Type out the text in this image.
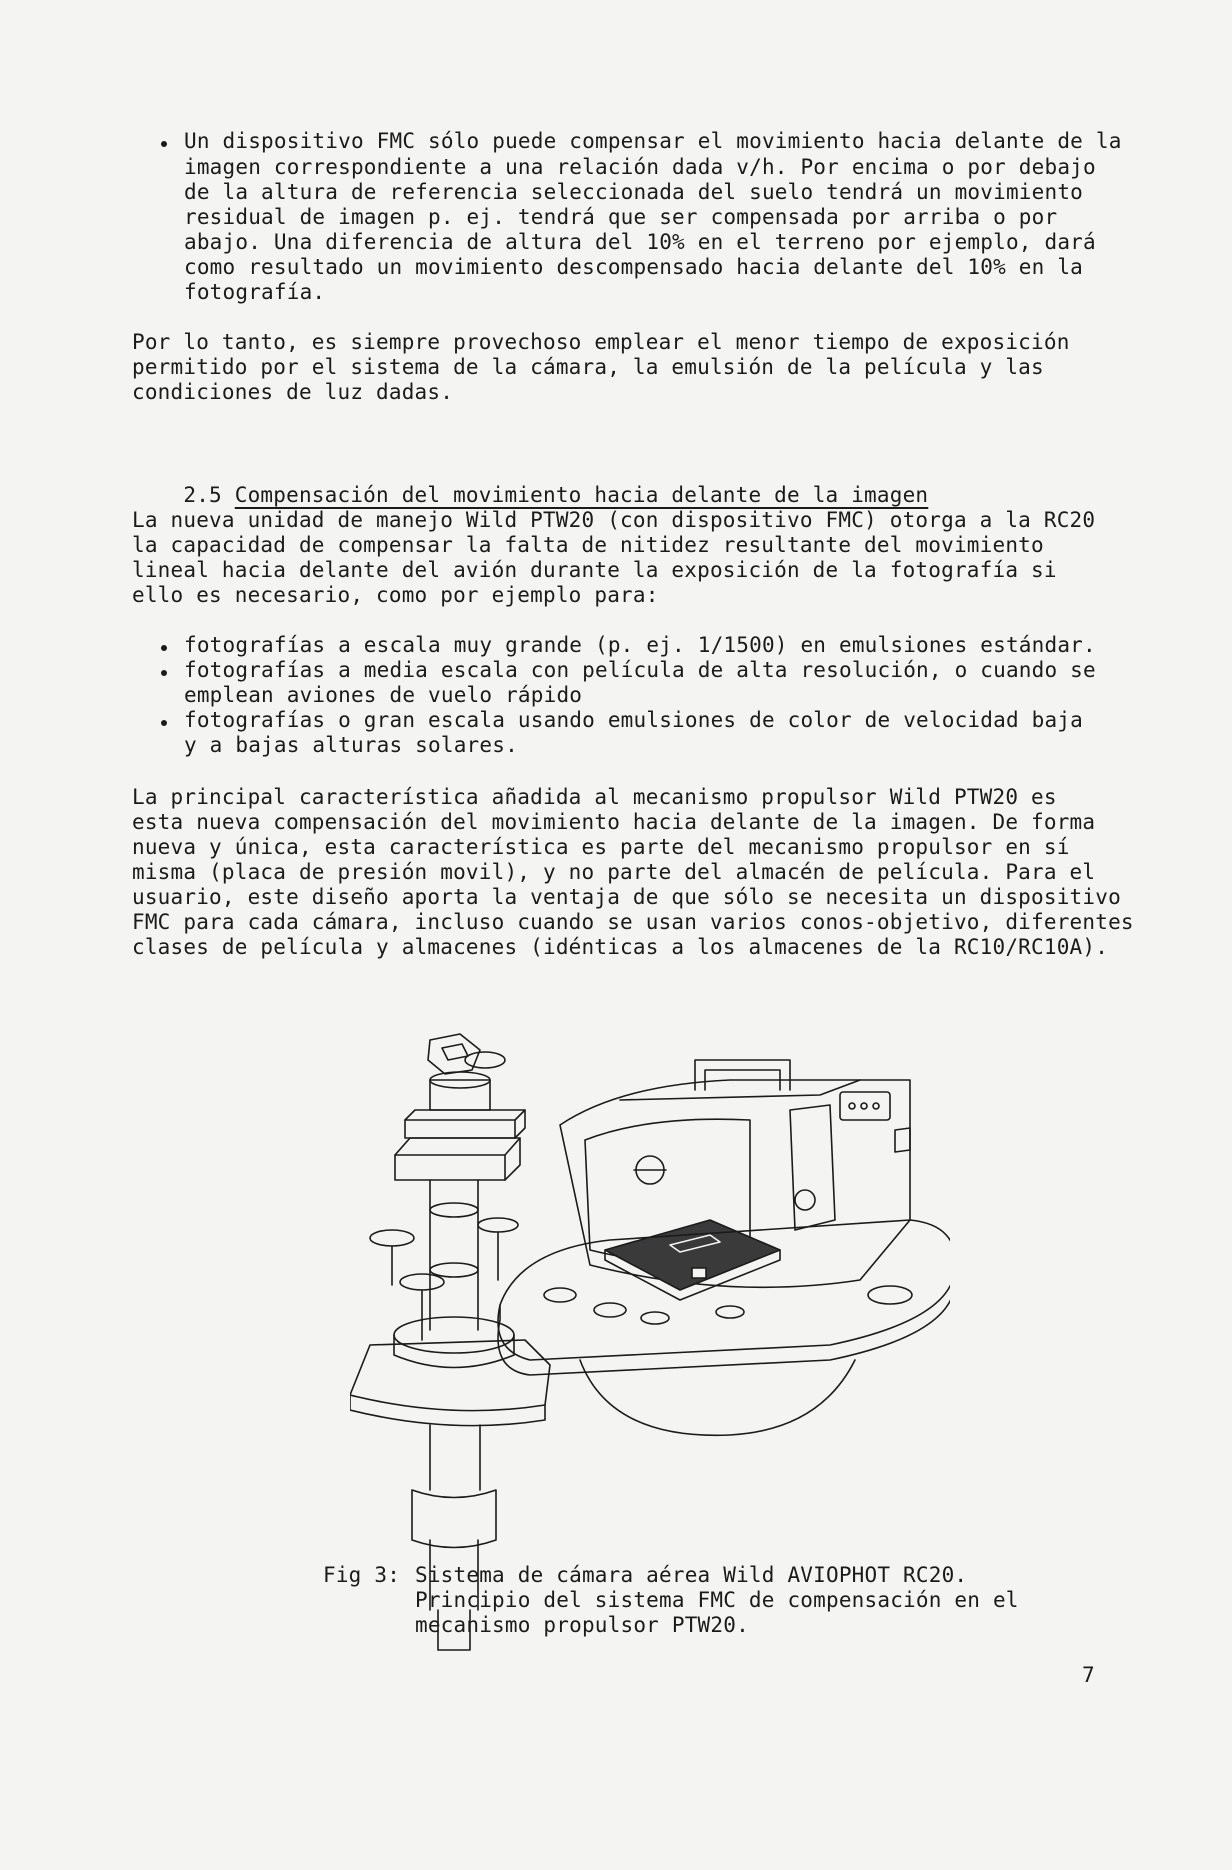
Un dispositivo FMC sólo puede compensar el movimiento hacia delante de la
imagen correspondiente a una relación dada v/h. Por encima o por debajo
de la altura de referencia seleccionada del suelo tendrá un movimiento
residual de imagen p. ej. tendrá que ser compensada por arriba o por
abajo. Una diferencia de altura del 10% en el terreno por ejemplo, dará
como resultado un movimiento descompensado hacia delante del 10% en la
fotografía.
Por lo tanto, es siempre provechoso emplear el menor tiempo de exposición
permitido por el sistema de la cámara, la emulsión de la película y las
condiciones de luz dadas.

2.5 Compensación del movimiento hacia delante de la imagen

La nueva unidad de manejo Wild PTW20 (con dispositivo FMC) otorga a la RC20
la capacidad de compensar la falta de nitidez resultante del movimiento
lineal hacia delante del avión durante la exposición de la fotografía si
ello es necesario, como por ejemplo para:
fotografías a escala muy grande (p. ej. 1/1500) en emulsiones estándar.
fotografías a media escala con película de alta resolución, o cuando se
emplean aviones de vuelo rápido
fotografías o gran escala usando emulsiones de color de velocidad baja
y a bajas alturas solares.
La principal característica añadida al mecanismo propulsor Wild PTW20 es
esta nueva compensación del movimiento hacia delante de la imagen. De forma
nueva y única, esta característica es parte del mecanismo propulsor en sí
misma (placa de presión movil), y no parte del almacén de película. Para el
usuario, este diseño aporta la ventaja de que sólo se necesita un dispositivo
FMC para cada cámara, incluso cuando se usan varios conos-objetivo, diferentes
clases de película y almacenes (idénticas a los almacenes de la RC10/RC10A).
Fig 3: Sistema de cámara aérea Wild AVIOPHOT RC20.
Principio del sistema FMC de compensación en el
mecanismo propulsor PTW20.
7
